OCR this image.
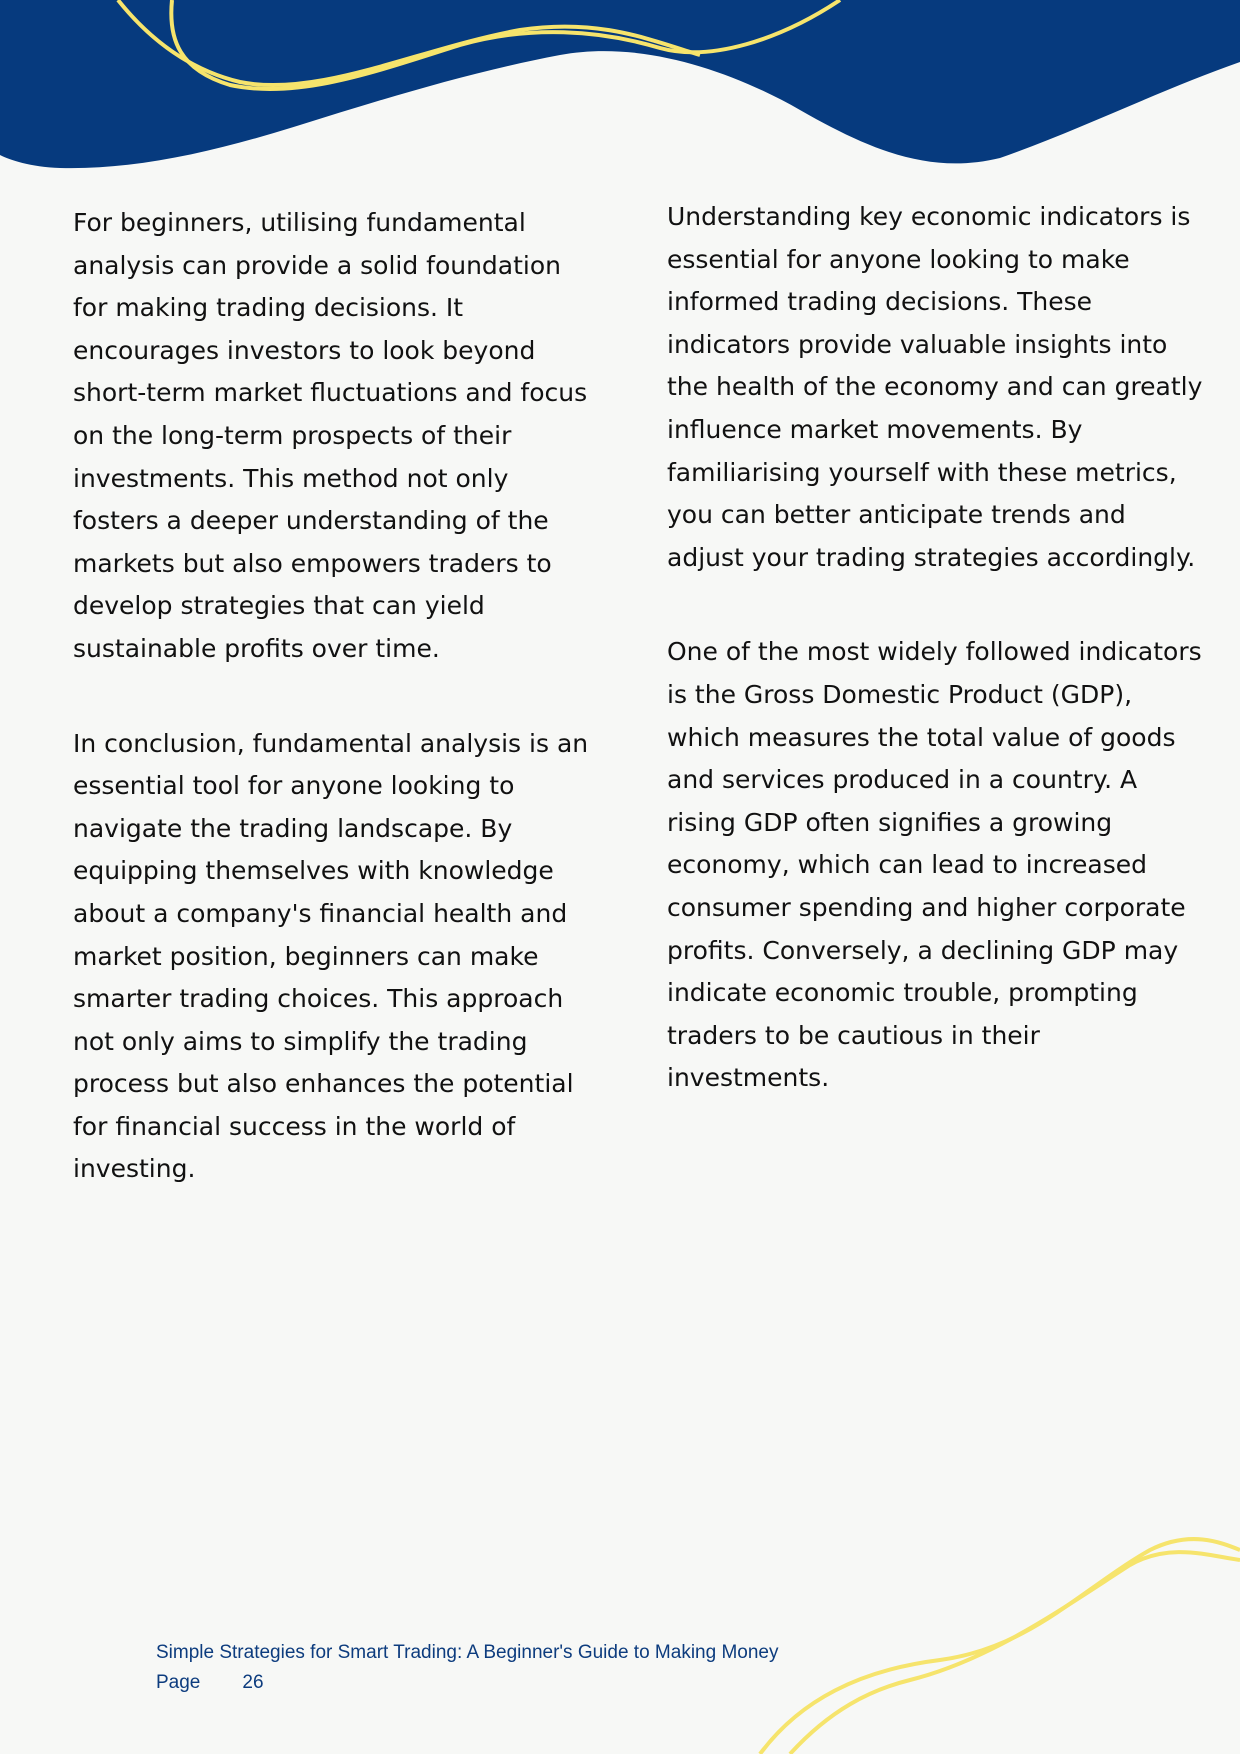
For beginners, utilising fundamental analysis can provide a solid foundation for making trading decisions. It encourages investors to look beyond short-term market fluctuations and focus on the long-term prospects of their investments. This method not only fosters a deeper understanding of the markets but also empowers traders to develop strategies that can yield sustainable profits over time.

In conclusion, fundamental analysis is an essential tool for anyone looking to navigate the trading landscape. By equipping themselves with knowledge about a company's financial health and market position, beginners can make smarter trading choices. This approach not only aims to simplify the trading process but also enhances the potential for financial success in the world of investing.

Understanding key economic indicators is essential for anyone looking to make informed trading decisions. These indicators provide valuable insights into the health of the economy and can greatly influence market movements. By familiarising yourself with these metrics, you can better anticipate trends and adjust your trading strategies accordingly.

One of the most widely followed indicators is the Gross Domestic Product (GDP), which measures the total value of goods and services produced in a country. A rising GDP often signifies a growing economy, which can lead to increased consumer spending and higher corporate profits. Conversely, a declining GDP may indicate economic trouble, prompting traders to be cautious in their investments.

Simple Strategies for Smart Trading: A Beginner's Guide to Making Money
Page 26
